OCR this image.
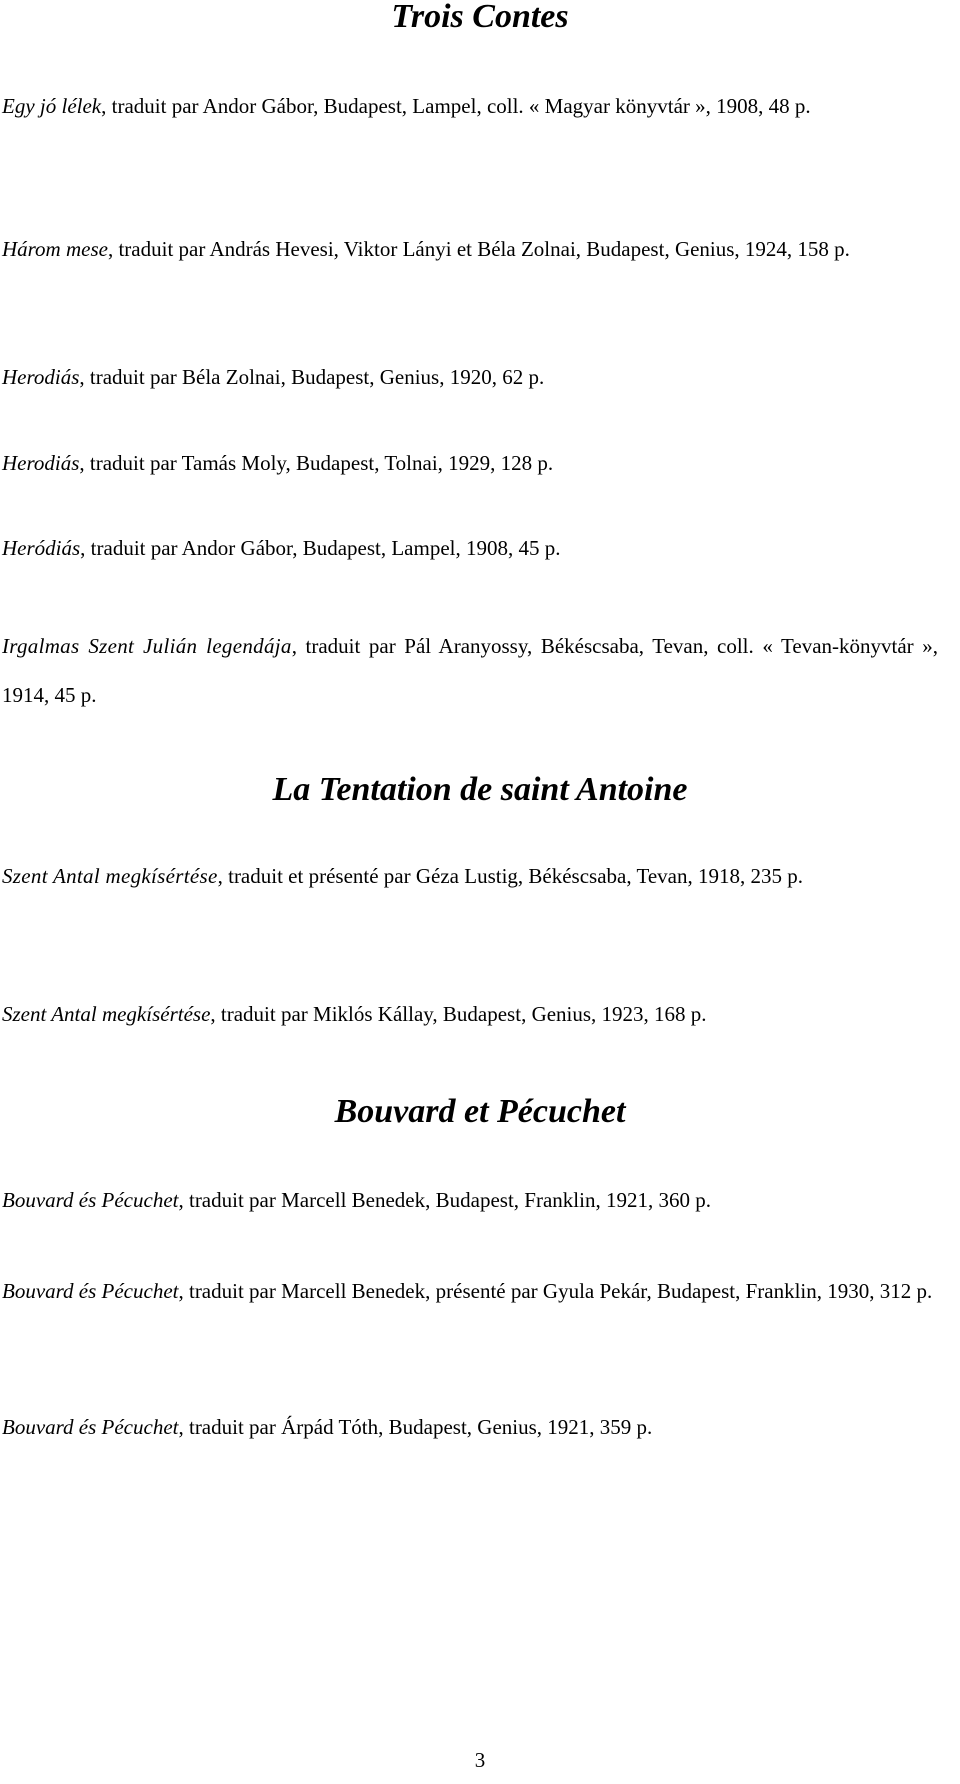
Trois Contes

Egy jó lélek, traduit par Andor Gábor, Budapest, Lampel, coll. « Magyar könyvtár », 1908, 48 p.

Három mese, traduit par András Hevesi, Viktor Lányi et Béla Zolnai, Budapest, Genius, 1924, 158 p.

Herodiás, traduit par Béla Zolnai, Budapest, Genius, 1920, 62 p.

Herodiás, traduit par Tamás Moly, Budapest, Tolnai, 1929, 128 p.

Heródiás, traduit par Andor Gábor, Budapest, Lampel, 1908, 45 p.

Irgalmas Szent Julián legendája, traduit par Pál Aranyossy, Békéscsaba, Tevan, coll. « Tevan-könyvtár », 1914, 45 p.

La Tentation de saint Antoine

Szent Antal megkísértése, traduit et présenté par Géza Lustig, Békéscsaba, Tevan, 1918, 235 p.

Szent Antal megkísértése, traduit par Miklós Kállay, Budapest, Genius, 1923, 168 p.

Bouvard et Pécuchet

Bouvard és Pécuchet, traduit par Marcell Benedek, Budapest, Franklin, 1921, 360 p.

Bouvard és Pécuchet, traduit par Marcell Benedek, présenté par Gyula Pekár, Budapest, Franklin, 1930, 312 p.

Bouvard és Pécuchet, traduit par Árpád Tóth, Budapest, Genius, 1921, 359 p.

3
